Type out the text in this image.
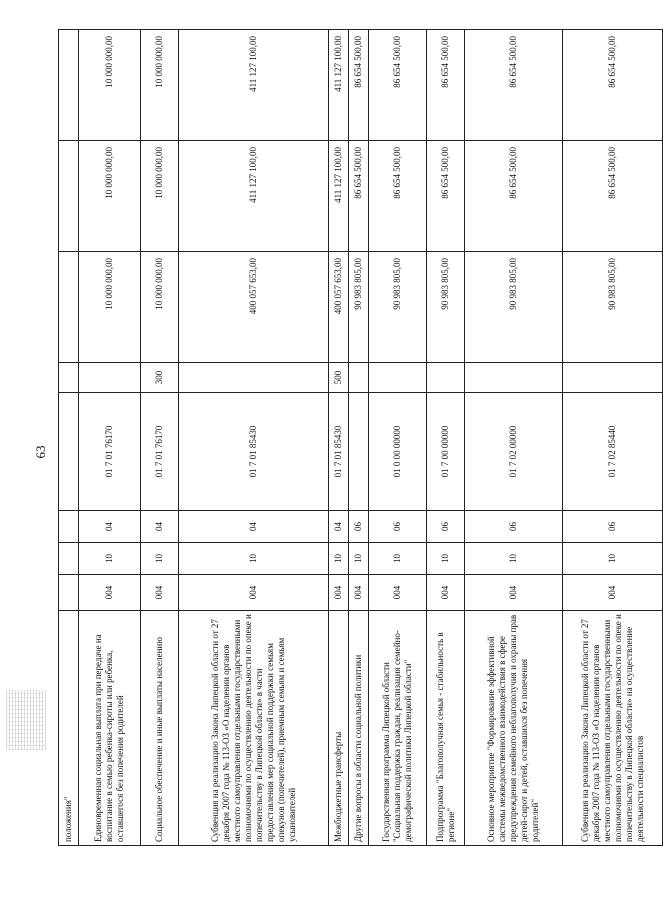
63
положения"								
Единовременная социальная выплата при передаче на воспитание в семью ребенка-сироты или ребенка, оставшегося без попечения родителей	004	10	04	01 7 01 76170		10 000 000,00	10 000 000,00	10 000 000,00
Социальное обеспечение и иные выплаты населению	004	10	04	01 7 01 76170	300	10 000 000,00	10 000 000,00	10 000 000,00
Субвенция на реализацию Закона Липецкой области от 27 декабря 2007 года № 113-ОЗ «О наделении органов местного самоуправления отдельными государственными полномочиями по осуществлению деятельности по опеке и попечительству в Липецкой области» в части предоставления мер социальной поддержки семьям опекунов (попечителей), приемным семьям и семьям усыновителей	004	10	04	01 7 01 85430		400 057 653,00	411 127 100,00	411 127 100,00
Межбюджетные трансферты	004	10	04	01 7 01 85430	500	400 057 653,00	411 127 100,00	411 127 100,00
Другие вопросы в области социальной политики	004	10	06			90 983 805,00	86 654 500,00	86 654 500,00
Государственная программа Липецкой области "Социальная поддержка граждан, реализация семейно-демографической политики Липецкой области"	004	10	06	01 0 00 00000		90 983 805,00	86 654 500,00	86 654 500,00
Подпрограмма "Благополучная семья - стабильность в регионе"	004	10	06	01 7 00 00000		90 983 805,00	86 654 500,00	86 654 500,00
Основное мероприятие "Формирование эффективной системы межведомственного взаимодействия в сфере предупреждения семейного неблагополучия и охраны прав детей-сирот и детей, оставшихся без попечения родителей"	004	10	06	01 7 02 00000		90 983 805,00	86 654 500,00	86 654 500,00
Субвенция на реализацию Закона Липецкой области от 27 декабря 2007 года № 113-ОЗ «О наделении органов местного самоуправления отдельными государственными полномочиями по осуществлению деятельности по опеке и попечительству в Липецкой области» на осуществление деятельности специалистов	004	10	06	01 7 02 85440		90 983 805,00	86 654 500,00	86 654 500,00
